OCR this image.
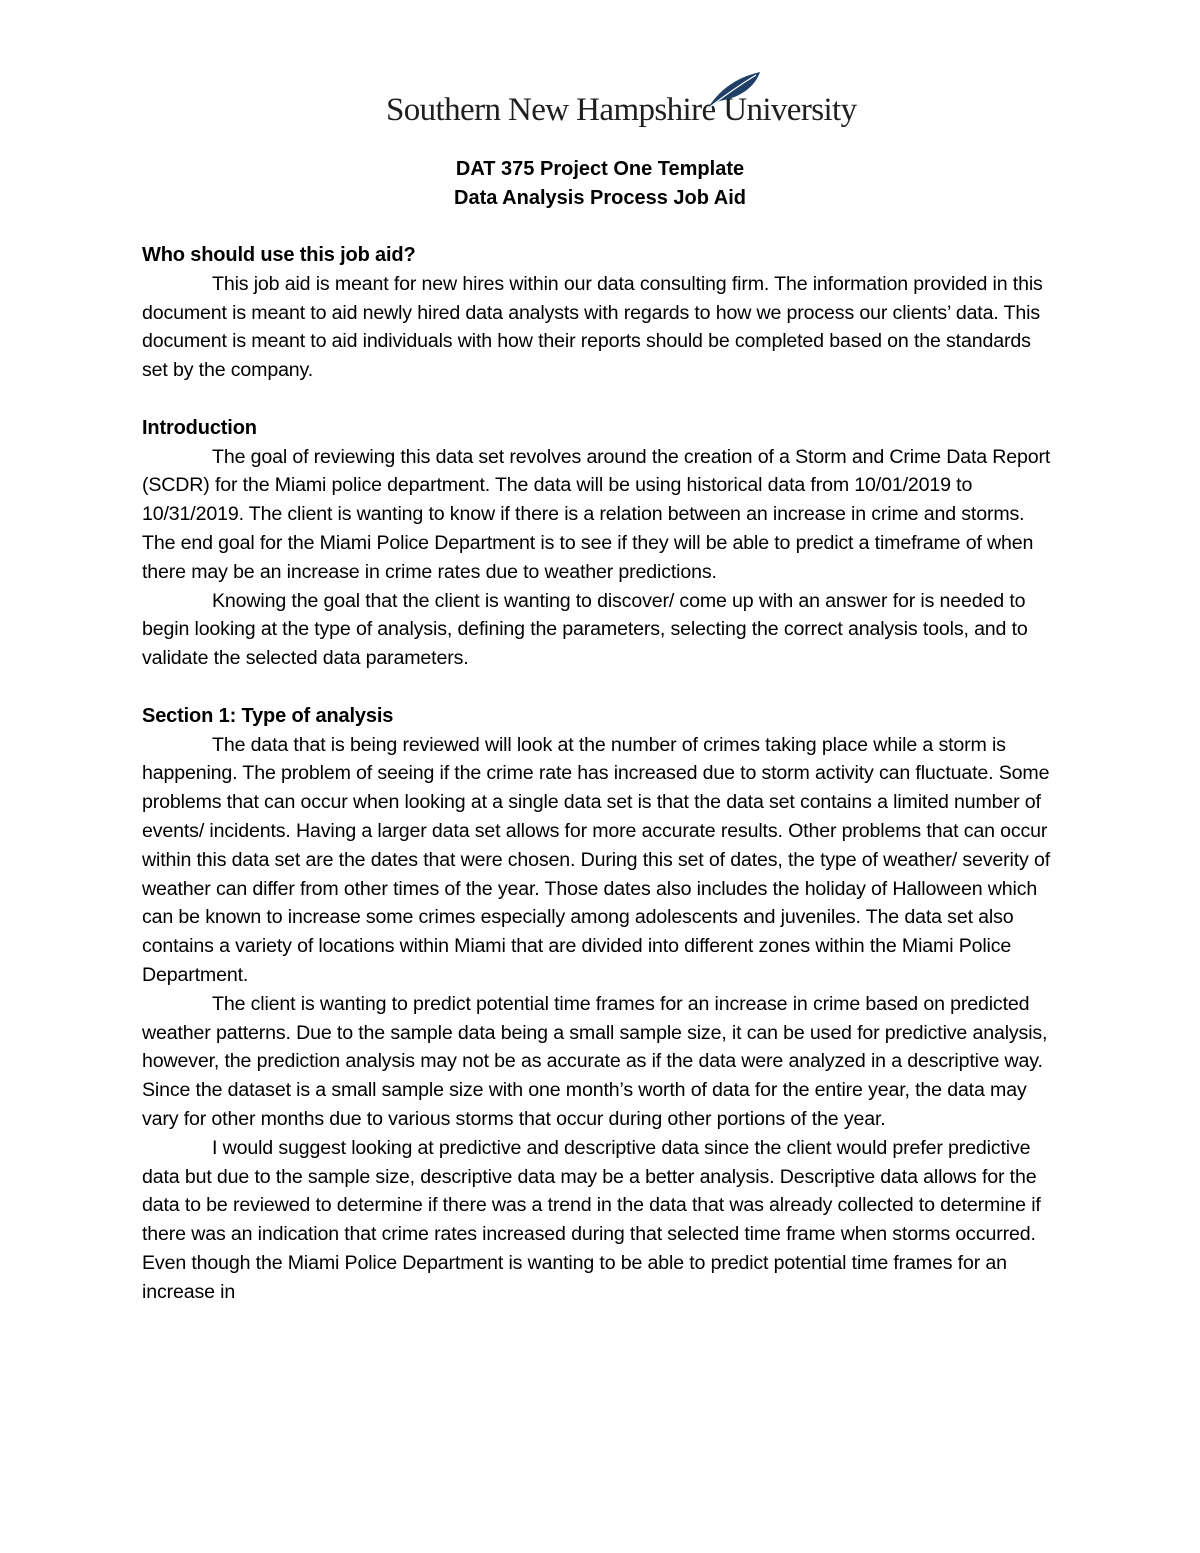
Southern New Hampshire University
DAT 375 Project One Template
Data Analysis Process Job Aid
Who should use this job aid?

This job aid is meant for new hires within our data consulting firm. The information provided in this document is meant to aid newly hired data analysts with regards to how we process our clients’ data. This document is meant to aid individuals with how their reports should be completed based on the standards set by the company.

Introduction

The goal of reviewing this data set revolves around the creation of a Storm and Crime Data Report (SCDR) for the Miami police department. The data will be using historical data from 10/01/2019 to 10/31/2019. The client is wanting to know if there is a relation between an increase in crime and storms. The end goal for the Miami Police Department is to see if they will be able to predict a timeframe of when there may be an increase in crime rates due to weather predictions.

Knowing the goal that the client is wanting to discover/ come up with an answer for is needed to begin looking at the type of analysis, defining the parameters, selecting the correct analysis tools, and to validate the selected data parameters.

Section 1: Type of analysis

The data that is being reviewed will look at the number of crimes taking place while a storm is happening. The problem of seeing if the crime rate has increased due to storm activity can fluctuate. Some problems that can occur when looking at a single data set is that the data set contains a limited number of events/ incidents. Having a larger data set allows for more accurate results. Other problems that can occur within this data set are the dates that were chosen. During this set of dates, the type of weather/ severity of weather can differ from other times of the year. Those dates also includes the holiday of Halloween which can be known to increase some crimes especially among adolescents and juveniles. The data set also contains a variety of locations within Miami that are divided into different zones within the Miami Police Department.

The client is wanting to predict potential time frames for an increase in crime based on predicted weather patterns. Due to the sample data being a small sample size, it can be used for predictive analysis, however, the prediction analysis may not be as accurate as if the data were analyzed in a descriptive way. Since the dataset is a small sample size with one month’s worth of data for the entire year, the data may vary for other months due to various storms that occur during other portions of the year.

I would suggest looking at predictive and descriptive data since the client would prefer predictive data but due to the sample size, descriptive data may be a better analysis. Descriptive data allows for the data to be reviewed to determine if there was a trend in the data that was already collected to determine if there was an indication that crime rates increased during that selected time frame when storms occurred. Even though the Miami Police Department is wanting to be able to predict potential time frames for an increase in
